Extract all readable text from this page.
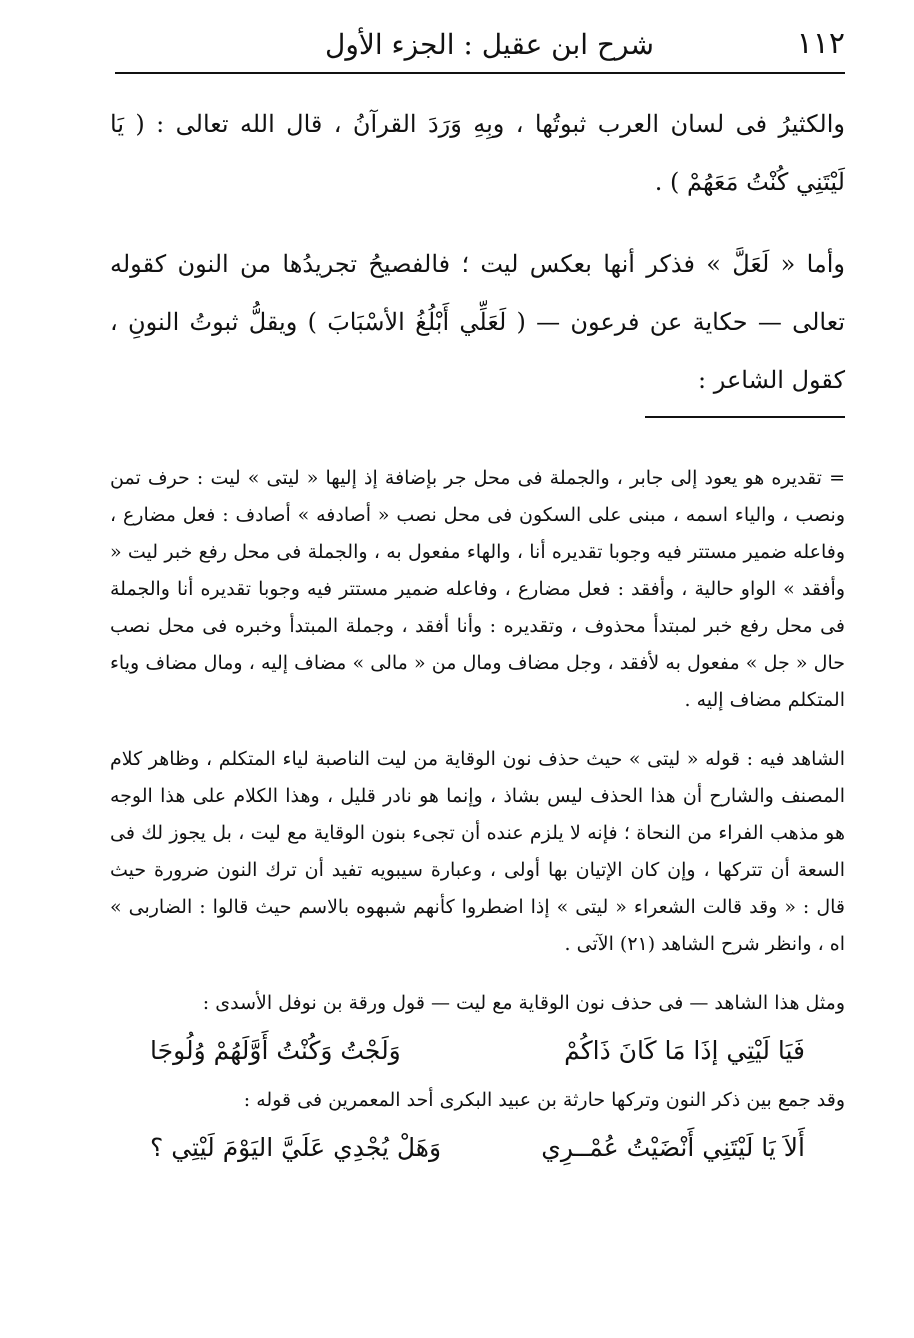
١١٢
شرح ابن عقيل : الجزء الأول

والكثيرُ فى لسان العرب ثبوتُها ، وبِهِ وَرَدَ القرآنُ ، قال الله تعالى : ( يَا لَيْتَنِي كُنْتُ مَعَهُمْ ) .

وأما « لَعَلَّ » فذكر أنها بعكس ليت ؛ فالفصيحُ تجريدُها من النون كقوله تعالى — حكاية عن فرعون — ( لَعَلِّي أَبْلُغُ الأسْبَابَ ) ويقلُّ ثبوتُ النونِ ، كقول الشاعر :

= تقديره هو يعود إلى جابر ، والجملة فى محل جر بإضافة إذ إليها « ليتى » ليت : حرف تمن ونصب ، والياء اسمه ، مبنى على السكون فى محل نصب « أصادفه » أصادف : فعل مضارع ، وفاعله ضمير مستتر فيه وجوبا تقديره أنا ، والهاء مفعول به ، والجملة فى محل رفع خبر ليت « وأفقد » الواو حالية ، وأفقد : فعل مضارع ، وفاعله ضمير مستتر فيه وجوبا تقديره أنا والجملة فى محل رفع خبر لمبتدأ محذوف ، وتقديره : وأنا أفقد ، وجملة المبتدأ وخبره فى محل نصب حال « جل » مفعول به لأفقد ، وجل مضاف ومال من « مالى » مضاف إليه ، ومال مضاف وياء المتكلم مضاف إليه .

الشاهد فيه : قوله « ليتى » حيث حذف نون الوقاية من ليت الناصبة لياء المتكلم ، وظاهر كلام المصنف والشارح أن هذا الحذف ليس بشاذ ، وإنما هو نادر قليل ، وهذا الكلام على هذا الوجه هو مذهب الفراء من النحاة ؛ فإنه لا يلزم عنده أن تجىء بنون الوقاية مع ليت ، بل يجوز لك فى السعة أن تتركها ، وإن كان الإتيان بها أولى ، وعبارة سيبويه تفيد أن ترك النون ضرورة حيث قال : « وقد قالت الشعراء « ليتى » إذا اضطروا كأنهم شبهوه بالاسم حيث قالوا : الضاربى » اه ، وانظر شرح الشاهد (٢١) الآتى .

ومثل هذا الشاهد — فى حذف نون الوقاية مع ليت — قول ورقة بن نوفل الأسدى :

فَيَا لَيْتِي إذَا مَا كَانَ ذَاكُمْ
وَلَجْتُ وَكُنْتُ أَوَّلَهُمْ وُلُوجَا

وقد جمع بين ذكر النون وتركها حارثة بن عبيد البكرى أحد المعمرين فى قوله :

أَلاَ يَا لَيْتَنِي أَنْضَيْتُ عُمْــرِي
وَهَلْ يُجْدِي عَلَيَّ اليَوْمَ لَيْتِي ؟
